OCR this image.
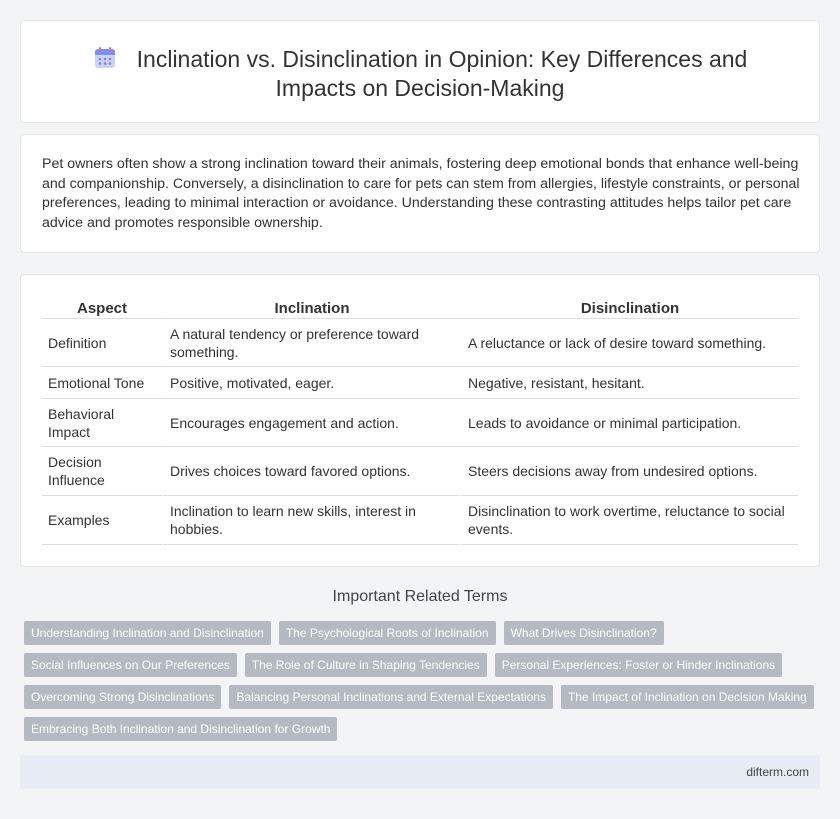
Inclination vs. Disinclination in Opinion: Key Differences and
Impacts on Decision-Making

Pet owners often show a strong inclination toward their animals, fostering deep emotional bonds that enhance well-being and companionship. Conversely, a disinclination to care for pets can stem from allergies, lifestyle constraints, or personal preferences, leading to minimal interaction or avoidance. Understanding these contrasting attitudes helps tailor pet care advice and promotes responsible ownership.

Aspect	Inclination	Disinclination
Definition	A natural tendency or preference toward something.	A reluctance or lack of desire toward something.
Emotional Tone	Positive, motivated, eager.	Negative, resistant, hesitant.
Behavioral Impact	Encourages engagement and action.	Leads to avoidance or minimal participation.
Decision Influence	Drives choices toward favored options.	Steers decisions away from undesired options.
Examples	Inclination to learn new skills, interest in hobbies.	Disinclination to work overtime, reluctance to social events.
Important Related Terms
Understanding Inclination and Disinclination	The Psychological Roots of Inclination	What Drives Disinclination?
Social Influences on Our Preferences	The Role of Culture in Shaping Tendencies	Personal Experiences: Foster or Hinder Inclinations
Overcoming Strong Disinclinations	Balancing Personal Inclinations and External Expectations	The Impact of Inclination on Decision Making
Embracing Both Inclination and Disinclination for Growth
difterm.com
